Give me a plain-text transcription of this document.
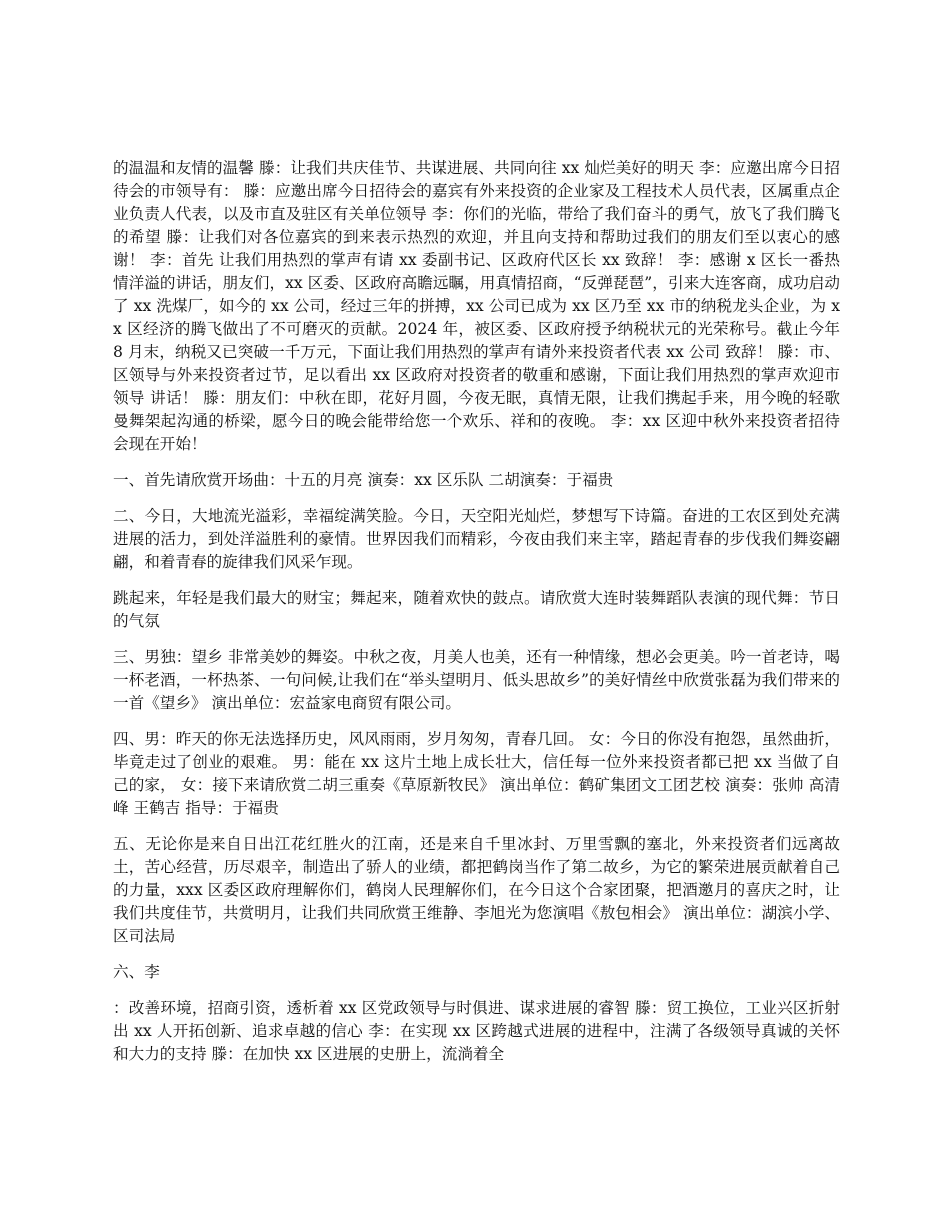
的温温和友情的温馨 滕：让我们共庆佳节、共谋进展、共同向往 xx 灿烂美好的明天 李：应邀出席今日招待会的市领导有： 滕：应邀出席今日招待会的嘉宾有外来投资的企业家及工程技术人员代表，区属重点企业负责人代表，以及市直及驻区有关单位领导 李：你们的光临，带给了我们奋斗的勇气，放飞了我们腾飞的希望 滕：让我们对各位嘉宾的到来表示热烈的欢迎，并且向支持和帮助过我们的朋友们至以衷心的感谢！ 李：首先 让我们用热烈的掌声有请 xx 委副书记、区政府代区长 xx 致辞！ 李：感谢 x 区长一番热情洋溢的讲话，朋友们，xx 区委、区政府高瞻远瞩，用真情招商，“反弹琵琶”，引来大连客商，成功启动了 xx 洗煤厂，如今的 xx 公司，经过三年的拼搏，xx 公司已成为 xx 区乃至 xx 市的纳税龙头企业，为 xx 区经济的腾飞做出了不可磨灭的贡献。2024 年，被区委、区政府授予纳税状元的光荣称号。截止今年 8 月末，纳税又已突破一千万元，下面让我们用热烈的掌声有请外来投资者代表 xx 公司 致辞！ 滕：市、区领导与外来投资者过节，足以看出 xx 区政府对投资者的敬重和感谢，下面让我们用热烈的掌声欢迎市领导 讲话！ 滕：朋友们：中秋在即，花好月圆，今夜无眠，真情无限，让我们携起手来，用今晚的轻歌曼舞架起沟通的桥梁，愿今日的晚会能带给您一个欢乐、祥和的夜晚。 李：xx 区迎中秋外来投资者招待会现在开始！

一、首先请欣赏开场曲：十五的月亮 演奏：xx 区乐队 二胡演奏：于福贵

二、今日，大地流光溢彩，幸福绽满笑脸。今日，天空阳光灿烂，梦想写下诗篇。奋进的工农区到处充满进展的活力，到处洋溢胜利的豪情。世界因我们而精彩，今夜由我们来主宰，踏起青春的步伐我们舞姿翩翩，和着青春的旋律我们风采乍现。

跳起来，年轻是我们最大的财宝；舞起来，随着欢快的鼓点。请欣赏大连时装舞蹈队表演的现代舞：节日的气氛

三、男独：望乡 非常美妙的舞姿。中秋之夜，月美人也美，还有一种情缘，想必会更美。吟一首老诗，喝一杯老酒，一杯热茶、一句问候,让我们在“举头望明月、低头思故乡”的美好情丝中欣赏张磊为我们带来的一首《望乡》 演出单位：宏益家电商贸有限公司。

四、男：昨天的你无法选择历史，风风雨雨，岁月匆匆，青春几回。 女：今日的你没有抱怨，虽然曲折，毕竟走过了创业的艰难。 男：能在 xx 这片土地上成长壮大，信任每一位外来投资者都已把 xx 当做了自己的家， 女：接下来请欣赏二胡三重奏《草原新牧民》 演出单位：鹤矿集团文工团艺校 演奏：张帅 高清峰 王鹤吉 指导：于福贵

五、无论你是来自日出江花红胜火的江南，还是来自千里冰封、万里雪飘的塞北，外来投资者们远离故土，苦心经营，历尽艰辛，制造出了骄人的业绩，都把鹤岗当作了第二故乡，为它的繁荣进展贡献着自己的力量，xxx 区委区政府理解你们，鹤岗人民理解你们，在今日这个合家团聚，把酒邀月的喜庆之时，让我们共度佳节，共赏明月，让我们共同欣赏王维静、李旭光为您演唱《敖包相会》 演出单位：湖滨小学、区司法局

六、李

：改善环境，招商引资，透析着 xx 区党政领导与时俱进、谋求进展的睿智 滕：贸工换位，工业兴区折射出 xx 人开拓创新、追求卓越的信心 李：在实现 xx 区跨越式进展的进程中，注满了各级领导真诚的关怀和大力的支持 滕：在加快 xx 区进展的史册上，流淌着全
